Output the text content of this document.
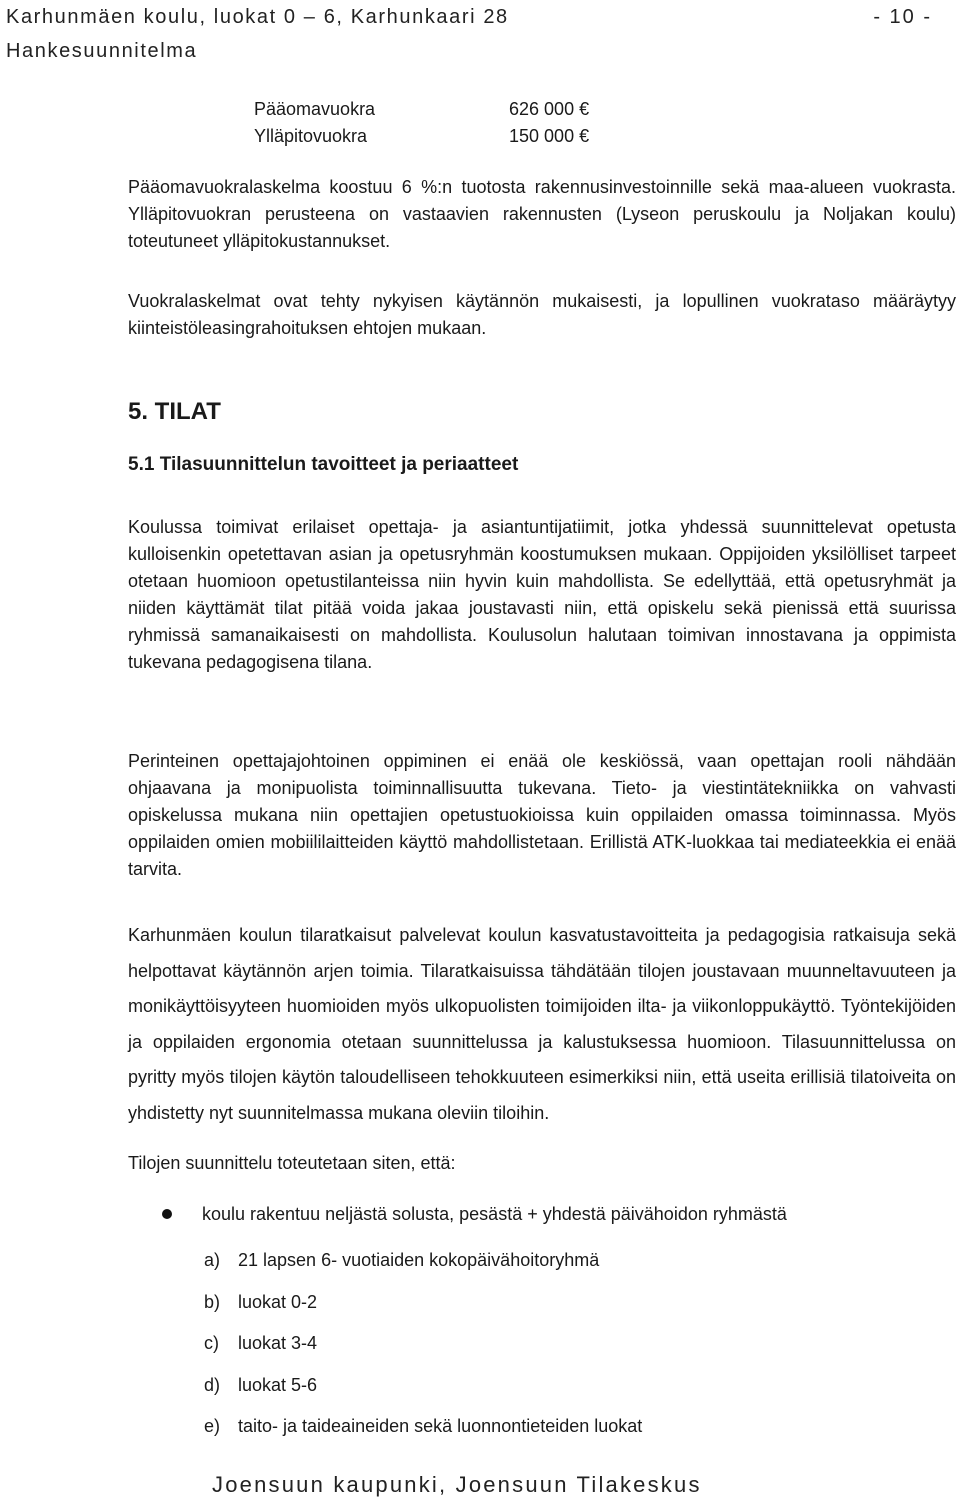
Karhunmäen koulu, luokat 0 – 6, Karhunkaari 28
Hankesuunnitelma
- 10 -
Pääomavuokra	626 000 €
Ylläpitovuokra	150 000 €

Pääomavuokralaskelma koostuu 6 %:n tuotosta rakennusinvestoinnille sekä maa-alueen vuokrasta. Ylläpitovuokran perusteena on vastaavien rakennusten (Lyseon peruskoulu ja Noljakan koulu) toteutuneet ylläpitokustannukset.

Vuokralaskelmat ovat tehty nykyisen käytännön mukaisesti, ja lopullinen vuokrataso määräytyy kiinteistöleasingrahoituksen ehtojen mukaan.

5. TILAT
5.1 Tilasuunnittelun tavoitteet ja periaatteet

Koulussa toimivat erilaiset opettaja- ja asiantuntijatiimit, jotka yhdessä suunnittelevat opetusta kulloisenkin opetettavan asian ja opetusryhmän koostumuksen mukaan. Oppijoiden yksilölliset tarpeet otetaan huomioon opetustilanteissa niin hyvin kuin mahdollista. Se edellyttää, että opetusryhmät ja niiden käyttämät tilat pitää voida jakaa joustavasti niin, että opiskelu sekä pienissä että suurissa ryhmissä samanaikaisesti on mahdollista. Koulusolun halutaan toimivan innostavana ja oppimista tukevana pedagogisena tilana.

Perinteinen opettajajohtoinen oppiminen ei enää ole keskiössä, vaan opettajan rooli nähdään ohjaavana ja monipuolista toiminnallisuutta tukevana. Tieto- ja viestintätekniikka on vahvasti opiskelussa mukana niin opettajien opetustuokioissa kuin oppilaiden omassa toiminnassa. Myös oppilaiden omien mobiililaitteiden käyttö mahdollistetaan. Erillistä ATK-luokkaa tai mediateekkia ei enää tarvita.

Karhunmäen koulun tilaratkaisut palvelevat koulun kasvatustavoitteita ja pedagogisia ratkaisuja sekä helpottavat käytännön arjen toimia. Tilaratkaisuissa tähdätään tilojen joustavaan muunneltavuuteen ja monikäyttöisyyteen huomioiden myös ulkopuolisten toimijoiden ilta- ja viikonloppukäyttö. Työntekijöiden ja oppilaiden ergonomia otetaan suunnittelussa ja kalustuksessa huomioon. Tilasuunnittelussa on pyritty myös tilojen käytön taloudelliseen tehokkuuteen esimerkiksi niin, että useita erillisiä tilatoiveita on yhdistetty nyt suunnitelmassa mukana oleviin tiloihin.

Tilojen suunnittelu toteutetaan siten, että:

koulu rakentuu neljästä solusta, pesästä + yhdestä päivähoidon ryhmästä
a) 21 lapsen 6- vuotiaiden kokopäivähoitoryhmä
b) luokat 0-2
c) luokat 3-4
d) luokat 5-6
e) taito- ja taideaineiden sekä luonnontieteiden luokat
Joensuun kaupunki, Joensuun Tilakeskus
